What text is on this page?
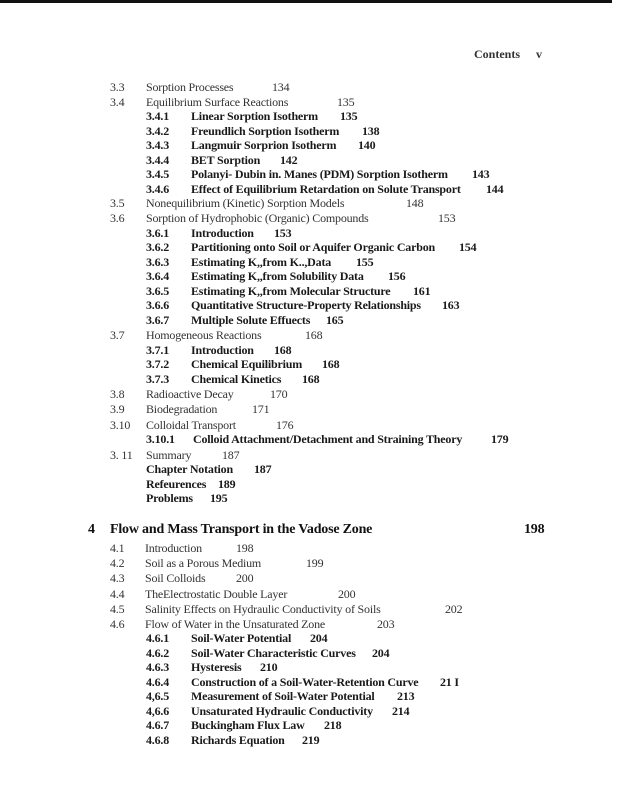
Contents v
3.3 Sorption Processes	134
3.4 Equilibrium Surface Reactions	135
3.4.1 Linear Sorption Isotherm 135
3.4.2 Freundlich Sorption Isotherm 138
3.4.3 Langmuir Sorprion Isotherm 140
3.4.4 BET Sorption 142
3.4.5 Polanyi- Dubin in. Manes (PDM) Sorption Isotherm 143
3.4.6 Effect of Equilibrium Retardation on Solute Transport 144
3.5 Nonequilibrium (Kinetic) Sorption Models	148
3.6 Sorption of Hydrophobic (Organic) Compounds	153
3.6.1 Introduction 153
3.6.2 Partitioning onto Soil or Aquifer Organic Carbon 154
3.6.3 Estimating K,,from K..,Data 155
3.6.4 Estimating K,,from Solubility Data 156
3.6.5 Estimating K,,from Molecular Structure 161
3.6.6 Quantitative Structure-Property Relationships 163
3.6.7 Multiple Solute Effuects 165
3.7 Homogeneous Reactions	168
3.7.1 Introduction 168
3.7.2 Chemical Equilibrium 168
3.7.3 Chemical Kinetics 168
3.8 Radioactive Decay	170
3.9 Biodegradation	171
3.10 Colloidal Transport	176
3.10.1 Colloid Attachment/Detachment and Straining Theory 179
3. 11 Summary	187
Chapter Notation 187
Refeurences 189
Problems 195
4 Flow and Mass Transport in the Vadose Zone	198
4.1 Introduction	198
4.2 Soil as a Porous Medium	199
4.3 Soil Colloids	200
4.4 TheElectrostatic Double Layer	200
4.5 Salinity Effects on Hydraulic Conductivity of Soils	202
4.6 Flow of Water in the Unsaturated Zone	203
4.6.1 Soil-Water Potential 204
4.6.2 Soil-Water Characteristic Curves 204
4.6.3 Hysteresis 210
4.6.4 Construction of a Soil-Water-Retention Curve 21 I
4,6.5 Measurement of Soil-Water Potential 213
4,6.6 Unsaturated Hydraulic Conductivity 214
4.6.7 Buckingham Flux Law 218
4.6.8 Richards Equation 219
